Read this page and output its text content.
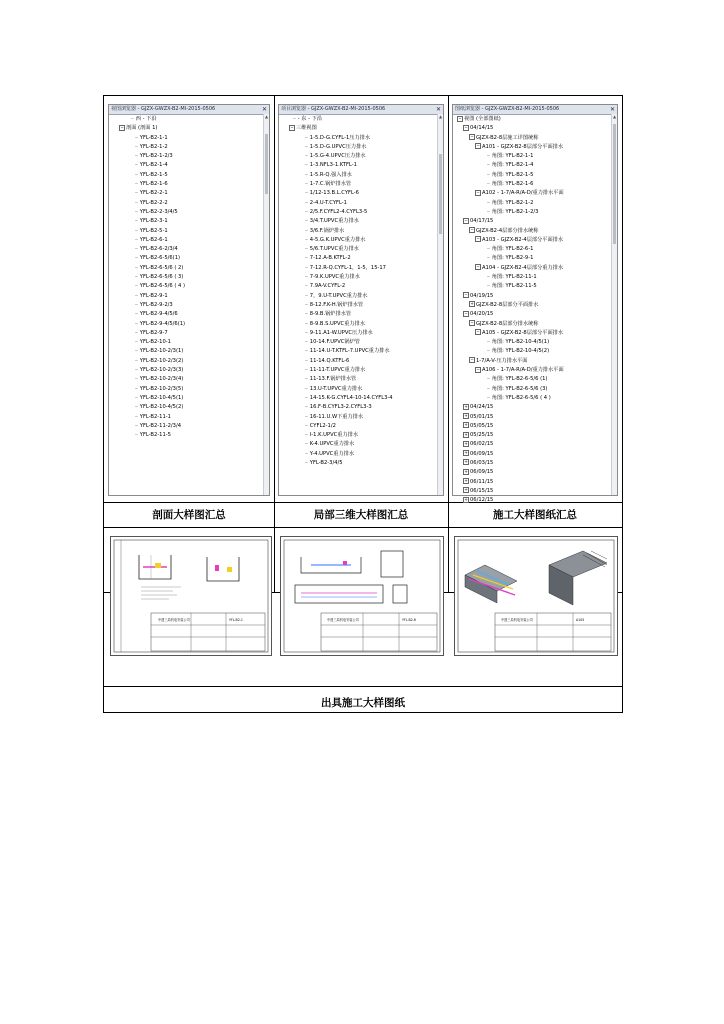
视图浏览器 - GJZX-GWZX-B2-MI-2015-0506	✕
┈ 西 - 下沿
− 剖面 (剖面 1)
┈ YFL-B2-1-1
┈ YFL-B2-1-2
┈ YFL-B2-1-2/3
┈ YFL-B2-1-4
┈ YFL-B2-1-5
┈ YFL-B2-1-6
┈ YFL-B2-2-1
┈ YFL-B2-2-2
┈ YFL-B2-2-3/4/5
┈ YFL-B2-3-1
┈ YFL-B2-5-1
┈ YFL-B2-6-1
┈ YFL-B2-6-2/3/4
┈ YFL-B2-6-5/6(1)
┈ YFL-B2-6-5/6 ( 2)
┈ YFL-B2-6-5/6 ( 3)
┈ YFL-B2-6-5/6 ( 4 )
┈ YFL-B2-9-1
┈ YFL-B2-9-2/3
┈ YFL-B2-9-4/5/6
┈ YFL-B2-9-4/5/6(1)
┈ YFL-B2-9-7
┈ YFL-B2-10-1
┈ YFL-B2-10-2/3(1)
┈ YFL-B2-10-2/3(2)
┈ YFL-B2-10-2/3(3)
┈ YFL-B2-10-2/3(4)
┈ YFL-B2-10-2/3(5)
┈ YFL-B2-10-4/5(1)
┈ YFL-B2-10-4/5(2)
┈ YFL-B2-11-1
┈ YFL-B2-11-2/3/4
┈ YFL-B2-11-5
▲
项目浏览器 - GJZX-GWZX-B2-MI-2015-0506	✕
┈ - 东 - 下沿
− 三维视图
┈ 1-5.D-G.CYFL-1压力排水
┈ 1-5.D-G.UPVC压力排水
┈ 1-5.G-4.UPVC压力排水
┈ 1-3.NFL3-1.KTFL-1
┈ 1-5.R-Q.强入排水
┈ 1-7.C.锅炉排水管
┈ 1/12-13.B.L.CYFL-6
┈ 2-4.U-T.CYFL-1
┈ 2/5.F.CYFL2-4.CYFL3-5
┈ 3/4.T.UPVC重力排水
┈ 3/6.F.锅炉排水
┈ 4-5.G.K.UPVC重力排水
┈ 5/6.T.UPVC重力排水
┈ 7-12.A-B.KTFL-2
┈ 7-12.R-Q.CYFL-1，1-5，15-17
┈ 7-9.K.UPVC重力排水
┈ 7.9A-V.CYFL-2
┈ 7，9.U-T.UPVC重力排水
┈ 8-12.F.K-H.锅炉排水管
┈ 8-9.B.锅炉排水管
┈ 8-9.B.S.UPVC重力排水
┈ 9-11.A1-W.UPVC压力排水
┈ 10-14.F.UPVC锅炉管
┈ 11-14.U-T.KTFL-7.UPVC重力排水
┈ 11-14.Q.KTFL-6
┈ 11-11-T.UPVC重力排水
┈ 11-13.F.锅炉排水管
┈ 13.U-T.UPVC重力排水
┈ 14-15.K-G.CYFL4-10-14.CYFL3-4
┈ 16.F-B.CYFL3-2.CYFL3-3
┈ 16-11.U.W下重力排水
┈ CYFL2-1/2
┈ I-1.K.UPVC重力排水
┈ K-4.UPVC重力排水
┈ Y-4.UPVC重力排水
┈ YFL-B2-3/4/5
▲
图纸浏览器 - GJZX-GWZX-B2-MI-2015-0506	✕
− 视图 (全部图纸)
− 04/14/15
− GJZX-B2-8层施工详图统称
− A101 - GJZX-B2-8层部分平面排水
┈ 角图: YFL-B2-1-1
┈ 角图: YFL-B2-1-4
┈ 角图: YFL-B2-1-5
┈ 角图: YFL-B2-1-6
− A102 - 1-7/A-R/A-D/重力排水平面
┈ 角图: YFL-B2-1-2
┈ 角图: YFL-B2-1-2/3
− 04/17/15
− GJZX-B2-4层部分排水统称
− A103 - GJZX-B2-4层部分平面排水
┈ 角图: YFL-B2-6-1
┈ 角图: YFL-B2-9-1
− A104 - GJZX-B2-4层部分重力排水
┈ 角图: YFL-B2-11-1
┈ 角图: YFL-B2-11-5
− 04/19/15
+ GJZX-B2-8层部分平面排水
− 04/20/15
− GJZX-B2-8层部分排水统称
− A105 - GJZX-B2-8层部分平面排水
┈ 角图: YFL-B2-10-4/5(1)
┈ 角图: YFL-B2-10-4/5(2)
− 1-7/A-V-压力排水平面
− A106 - 1-7/A-R/A-D/重力排水平面
┈ 角图: YFL-B2-6-5/6 (1)
┈ 角图: YFL-B2-6-5/6 (3)
┈ 角图: YFL-B2-6-5/6 ( 4 )
+ 04/24/15
+ 05/01/15
+ 05/05/15
+ 05/25/15
+ 06/02/15
+ 06/09/15
+ 06/03/15
+ 06/09/15
+ 06/11/15
+ 06/15/15
+ 06/12/15
▲
剖面大样图汇总	局部三维大样图汇总	施工大样图纸汇总
中建三局机电安装公司	YFL-B2-1	中建三局机电安装公司	YFL-B2-6	中建三局机电安装公司	A105
出具施工大样图纸
